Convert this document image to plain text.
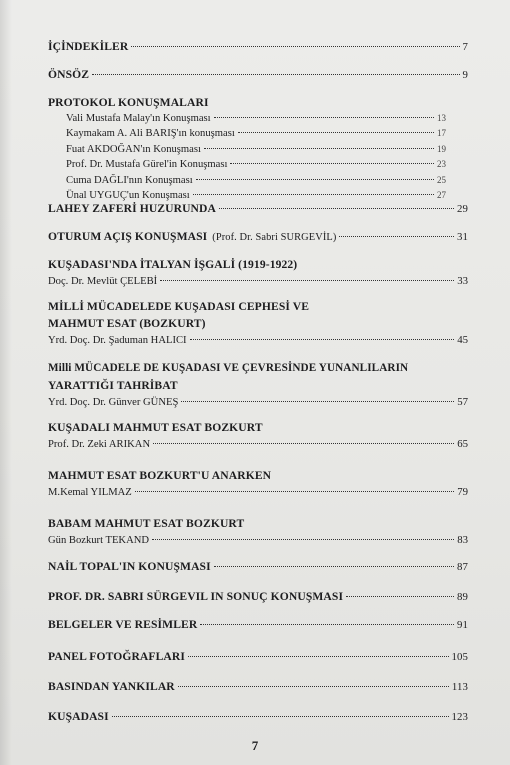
İÇİNDEKİLER	7
ÖNSÖZ	9
PROTOKOL KONUŞMALARI
Vali Mustafa Malay'ın Konuşması	13
Kaymakam A. Ali BARIŞ'ın konuşması	17
Fuat AKDOĞAN'ın Konuşması	19
Prof. Dr. Mustafa Gürel'in Konuşması	23
Cuma DAĞLI'nın Konuşması	25
Ünal UYGUÇ'un Konuşması	27
LAHEY ZAFERİ HUZURUNDA	29
OTURUM AÇIŞ KONUŞMASI (Prof. Dr. Sabri SURGEVİL)	31
KUŞADASI'NDA İTALYAN İŞGALİ (1919-1922)
Doç. Dr. Mevlüt ÇELEBİ	33
MİLLİ MÜCADELEDE KUŞADASI CEPHESİ VE
MAHMUT ESAT (BOZKURT)
Yrd. Doç. Dr. Şaduman HALICI	45
Milli MÜCADELE DE KUŞADASI VE ÇEVRESİNDE YUNANLILARIN
YARATTIĞI TAHRİBAT
Yrd. Doç. Dr. Günver GÜNEŞ	57
KUŞADALI MAHMUT ESAT BOZKURT
Prof. Dr. Zeki ARIKAN	65
MAHMUT ESAT BOZKURT'U ANARKEN
M.Kemal YILMAZ	79
BABAM MAHMUT ESAT BOZKURT
Gün Bozkurt TEKAND	83
NAİL TOPAL'IN KONUŞMASI	87
PROF. DR. SABRI SÜRGEVIL IN SONUÇ KONUŞMASI	89
BELGELER VE RESİMLER	91
PANEL FOTOĞRAFLARI	105
BASINDAN YANKILAR	113
KUŞADASI	123
7
